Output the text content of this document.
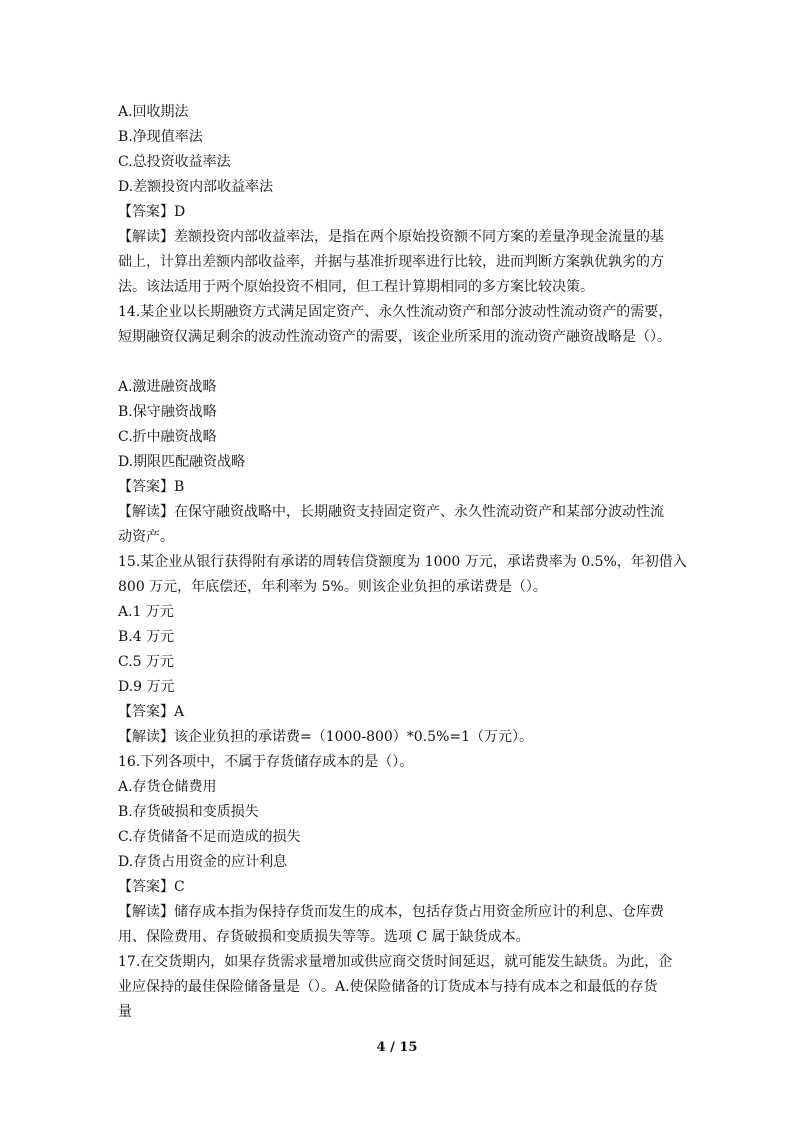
A.回收期法
B.净现值率法
C.总投资收益率法
D.差额投资内部收益率法
【答案】D
【解读】差额投资内部收益率法，是指在两个原始投资额不同方案的差量净现金流量的基
础上，计算出差额内部收益率，并据与基准折现率进行比较，进而判断方案孰优孰劣的方
法。该法适用于两个原始投资不相同，但工程计算期相同的多方案比较决策。
14.某企业以长期融资方式满足固定资产、永久性流动资产和部分波动性流动资产的需要，
短期融资仅满足剩余的波动性流动资产的需要，该企业所采用的流动资产融资战略是（）。
A.激进融资战略
B.保守融资战略
C.折中融资战略
D.期限匹配融资战略
【答案】B
【解读】在保守融资战略中，长期融资支持固定资产、永久性流动资产和某部分波动性流
动资产。
15.某企业从银行获得附有承诺的周转信贷额度为 1000 万元，承诺费率为 0.5%，年初借入
800 万元，年底偿还，年利率为 5%。则该企业负担的承诺费是（）。
A.1 万元
B.4 万元
C.5 万元
D.9 万元
【答案】A
【解读】该企业负担的承诺费=（1000-800）*0.5%=1（万元）。
16.下列各项中，不属于存货储存成本的是（）。
A.存货仓储费用
B.存货破损和变质损失
C.存货储备不足而造成的损失
D.存货占用资金的应计利息
【答案】C
【解读】储存成本指为保持存货而发生的成本，包括存货占用资金所应计的利息、仓库费
用、保险费用、存货破损和变质损失等等。选项 C 属于缺货成本。
17.在交货期内，如果存货需求量增加或供应商交货时间延迟，就可能发生缺货。为此，企
业应保持的最佳保险储备量是（）。A.使保险储备的订货成本与持有成本之和最低的存货
量
4 / 15
